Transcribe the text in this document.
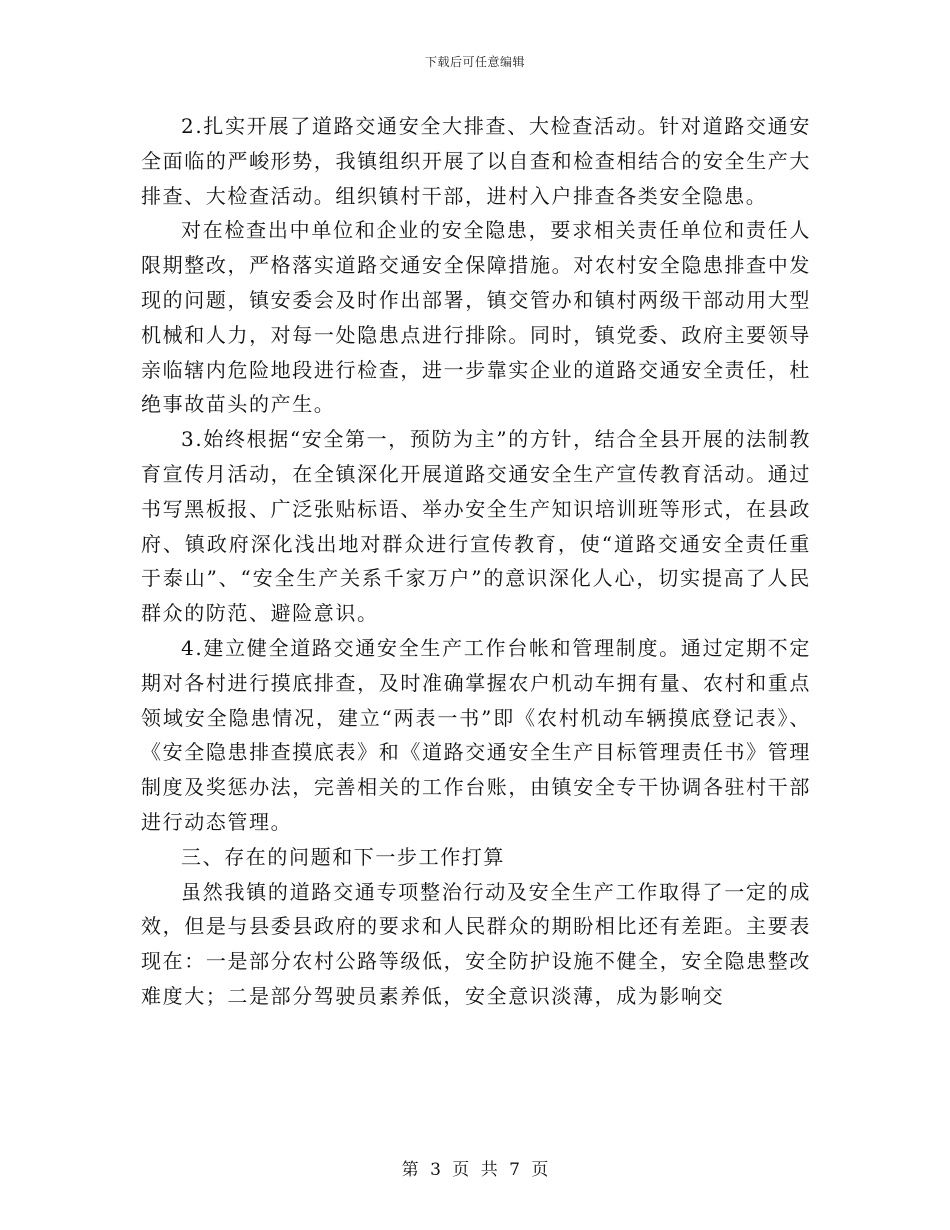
下载后可任意编辑

2.扎实开展了道路交通安全大排查、大检查活动。针对道路交通安全面临的严峻形势，我镇组织开展了以自查和检查相结合的安全生产大排查、大检查活动。组织镇村干部，进村入户排查各类安全隐患。

对在检查出中单位和企业的安全隐患，要求相关责任单位和责任人限期整改，严格落实道路交通安全保障措施。对农村安全隐患排查中发现的问题，镇安委会及时作出部署，镇交管办和镇村两级干部动用大型机械和人力，对每一处隐患点进行排除。同时，镇党委、政府主要领导亲临辖内危险地段进行检查，进一步靠实企业的道路交通安全责任，杜绝事故苗头的产生。

3.始终根据“安全第一，预防为主”的方针，结合全县开展的法制教育宣传月活动，在全镇深化开展道路交通安全生产宣传教育活动。通过书写黑板报、广泛张贴标语、举办安全生产知识培训班等形式，在县政府、镇政府深化浅出地对群众进行宣传教育，使“道路交通安全责任重于泰山”、“安全生产关系千家万户”的意识深化人心，切实提高了人民群众的防范、避险意识。

4.建立健全道路交通安全生产工作台帐和管理制度。通过定期不定期对各村进行摸底排查，及时准确掌握农户机动车拥有量、农村和重点领域安全隐患情况，建立“两表一书”即《农村机动车辆摸底登记表》、《安全隐患排查摸底表》和《道路交通安全生产目标管理责任书》管理制度及奖惩办法，完善相关的工作台账，由镇安全专干协调各驻村干部进行动态管理。

三、存在的问题和下一步工作打算

虽然我镇的道路交通专项整治行动及安全生产工作取得了一定的成效，但是与县委县政府的要求和人民群众的期盼相比还有差距。主要表现在：一是部分农村公路等级低，安全防护设施不健全，安全隐患整改难度大；二是部分驾驶员素养低，安全意识淡薄，成为影响交

第 3 页 共 7 页
